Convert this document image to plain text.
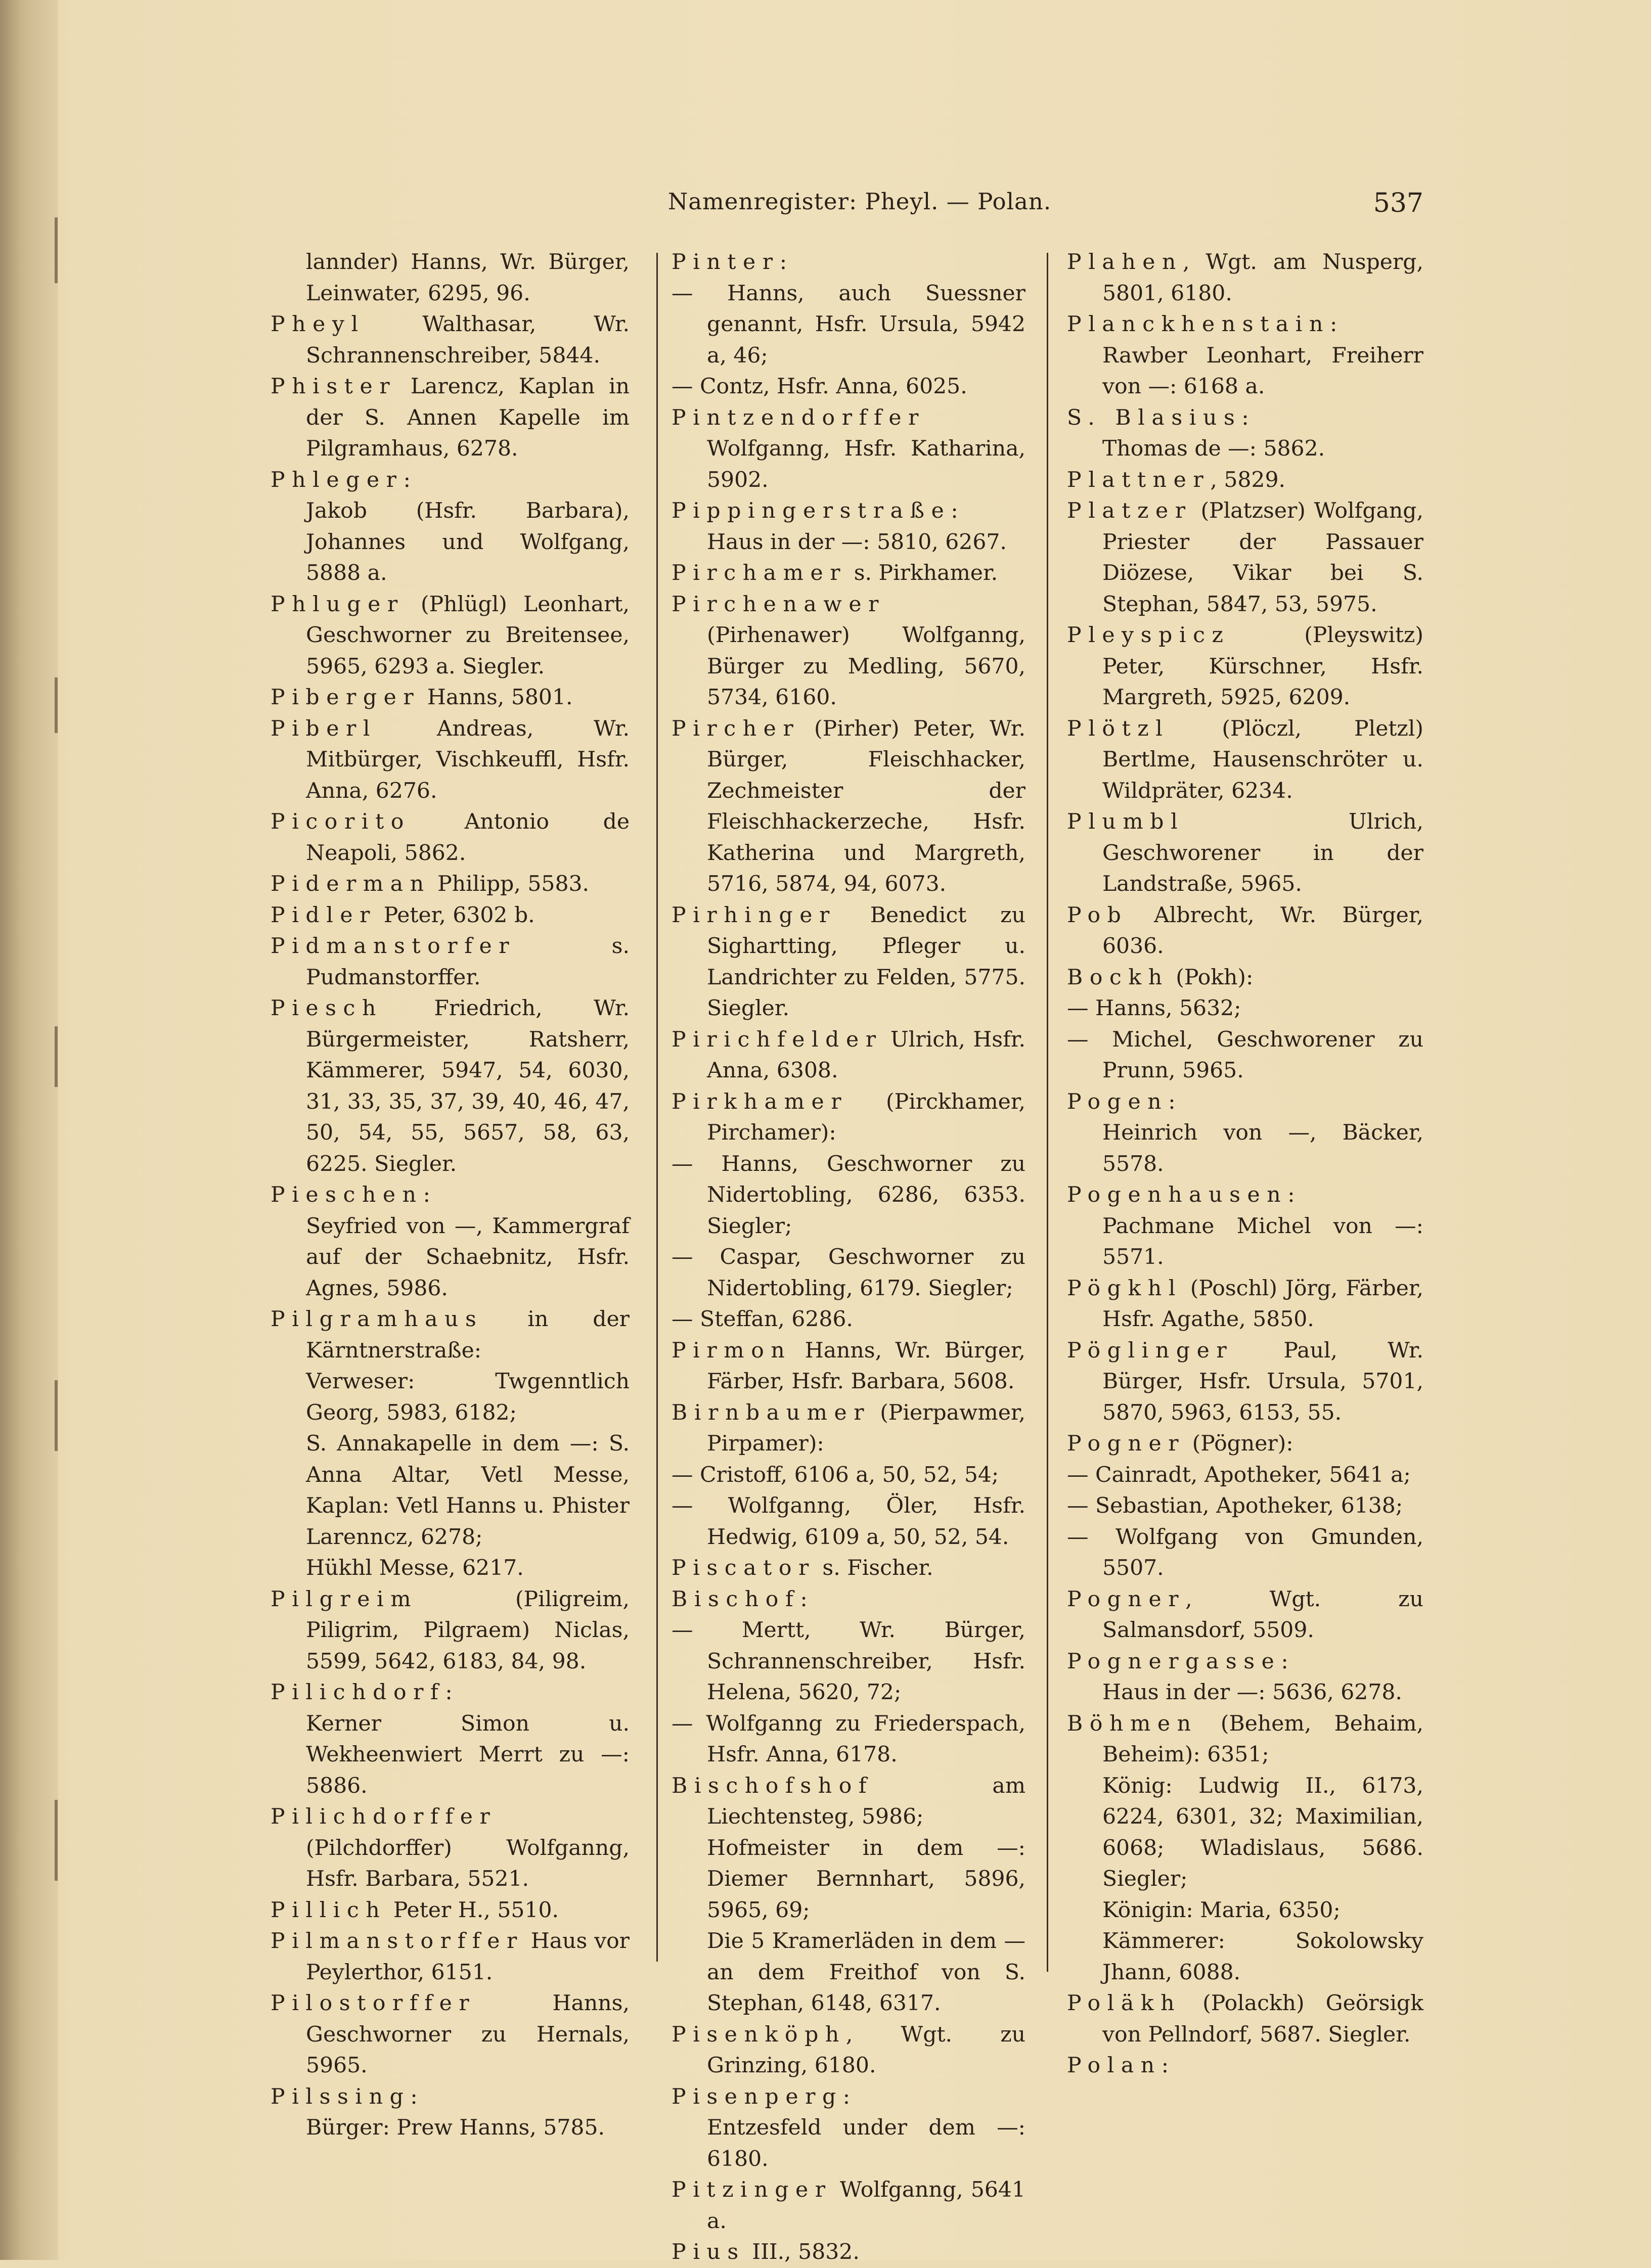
Namenregister: Pheyl. — Polan.	537

lannder) Hanns, Wr. Bürger, Leinwater, 6295, 96.

Pheyl Walthasar, Wr. Schrannenschreiber, 5844.

Phister Larencz, Kaplan in der S. Annen Kapelle im Pilgramhaus, 6278.

Phleger:

Jakob (Hsfr. Barbara), Johannes und Wolfgang, 5888 a.

Phluger (Phlügl) Leonhart, Geschworner zu Breitensee, 5965, 6293 a. Siegler.

Piberger Hanns, 5801.

Piberl Andreas, Wr. Mitbürger, Vischkeuffl, Hsfr. Anna, 6276.

Picorito Antonio de Neapoli, 5862.

Piderman Philipp, 5583.

Pidler Peter, 6302 b.

Pidmanstorfer s. Pudmanstorffer.

Piesch Friedrich, Wr. Bürgermeister, Ratsherr, Kämmerer, 5947, 54, 6030, 31, 33, 35, 37, 39, 40, 46, 47, 50, 54, 55, 5657, 58, 63, 6225. Siegler.

Pieschen:

Seyfried von —, Kammergraf auf der Schaebnitz, Hsfr. Agnes, 5986.

Pilgramhaus in der Kärntnerstraße:

Verweser: Twgenntlich Georg, 5983, 6182;

S. Annakapelle in dem —: S. Anna Altar, Vetl Messe, Kaplan: Vetl Hanns u. Phister Larenncz, 6278;

Hükhl Messe, 6217.

Pilgreim (Piligreim, Piligrim, Pilgraem) Niclas, 5599, 5642, 6183, 84, 98.

Pilichdorf:

Kerner Simon u. Wekheenwiert Merrt zu —: 5886.

Pilichdorffer (Pilchdorffer) Wolfganng, Hsfr. Barbara, 5521.

Pillich Peter H., 5510.

Pilmanstorffer Haus vor Peylerthor, 6151.

Pilostorffer Hanns, Geschworner zu Hernals, 5965.

Pilssing:

Bürger: Prew Hanns, 5785.

Pinter:

— Hanns, auch Suessner genannt, Hsfr. Ursula, 5942 a, 46;

— Contz, Hsfr. Anna, 6025.

Pintzendorffer Wolfganng, Hsfr. Katharina, 5902.

Pippingerstraße:

Haus in der —: 5810, 6267.

Pirchamer s. Pirkhamer.

Pirchenawer (Pirhenawer) Wolfganng, Bürger zu Medling, 5670, 5734, 6160.

Pircher (Pirher) Peter, Wr. Bürger, Fleischhacker, Zechmeister der Fleischhackerzeche, Hsfr. Katherina und Margreth, 5716, 5874, 94, 6073.

Pirhinger Benedict zu Sighartting, Pfleger u. Landrichter zu Felden, 5775. Siegler.

Pirichfelder Ulrich, Hsfr. Anna, 6308.

Pirkhamer (Pirckhamer, Pirchamer):

— Hanns, Geschworner zu Nidertobling, 6286, 6353. Siegler;

— Caspar, Geschworner zu Nidertobling, 6179. Siegler;

— Steffan, 6286.

Pirmon Hanns, Wr. Bürger, Färber, Hsfr. Barbara, 5608.

Birnbaumer (Pierpawmer, Pirpamer):

— Cristoff, 6106 a, 50, 52, 54;

— Wolfganng, Öler, Hsfr. Hedwig, 6109 a, 50, 52, 54.

Piscator s. Fischer.

Bischof:

— Mertt, Wr. Bürger, Schrannenschreiber, Hsfr. Helena, 5620, 72;

— Wolfganng zu Friederspach, Hsfr. Anna, 6178.

Bischofshof am Liechtensteg, 5986;

Hofmeister in dem —: Diemer Bernnhart, 5896, 5965, 69;

Die 5 Kramerläden in dem — an dem Freithof von S. Stephan, 6148, 6317.

Pisenköph, Wgt. zu Grinzing, 6180.

Pisenperg:

Entzesfeld under dem —: 6180.

Pitzinger Wolfganng, 5641 a.

Pius III., 5832.

Plahen, Wgt. am Nusperg, 5801, 6180.

Planckhenstain:

Rawber Leonhart, Freiherr von —: 6168 a.

S. Blasius:

Thomas de —: 5862.

Plattner, 5829.

Platzer (Platzser) Wolfgang, Priester der Passauer Diözese, Vikar bei S. Stephan, 5847, 53, 5975.

Pleyspicz (Pleyswitz) Peter, Kürschner, Hsfr. Margreth, 5925, 6209.

Plötzl (Plöczl, Pletzl) Bertlme, Hausenschröter u. Wildpräter, 6234.

Plumbl Ulrich, Geschworener in der Landstraße, 5965.

Pob Albrecht, Wr. Bürger, 6036.

Bockh (Pokh):

— Hanns, 5632;

— Michel, Geschworener zu Prunn, 5965.

Pogen:

Heinrich von —, Bäcker, 5578.

Pogenhausen:

Pachmane Michel von —: 5571.

Pögkhl (Poschl) Jörg, Färber, Hsfr. Agathe, 5850.

Pöglinger Paul, Wr. Bürger, Hsfr. Ursula, 5701, 5870, 5963, 6153, 55.

Pogner (Pögner):

— Cainradt, Apotheker, 5641 a;

— Sebastian, Apotheker, 6138;

— Wolfgang von Gmunden, 5507.

Pogner, Wgt. zu Salmansdorf, 5509.

Pognergasse:

Haus in der —: 5636, 6278.

Böhmen (Behem, Behaim, Beheim): 6351;

König: Ludwig II., 6173, 6224, 6301, 32; Maximilian, 6068; Wladislaus, 5686. Siegler;

Königin: Maria, 6350;

Kämmerer: Sokolowsky Jhann, 6088.

Poläkh (Polackh) Geörsigk von Pellndorf, 5687. Siegler.

Polan:
